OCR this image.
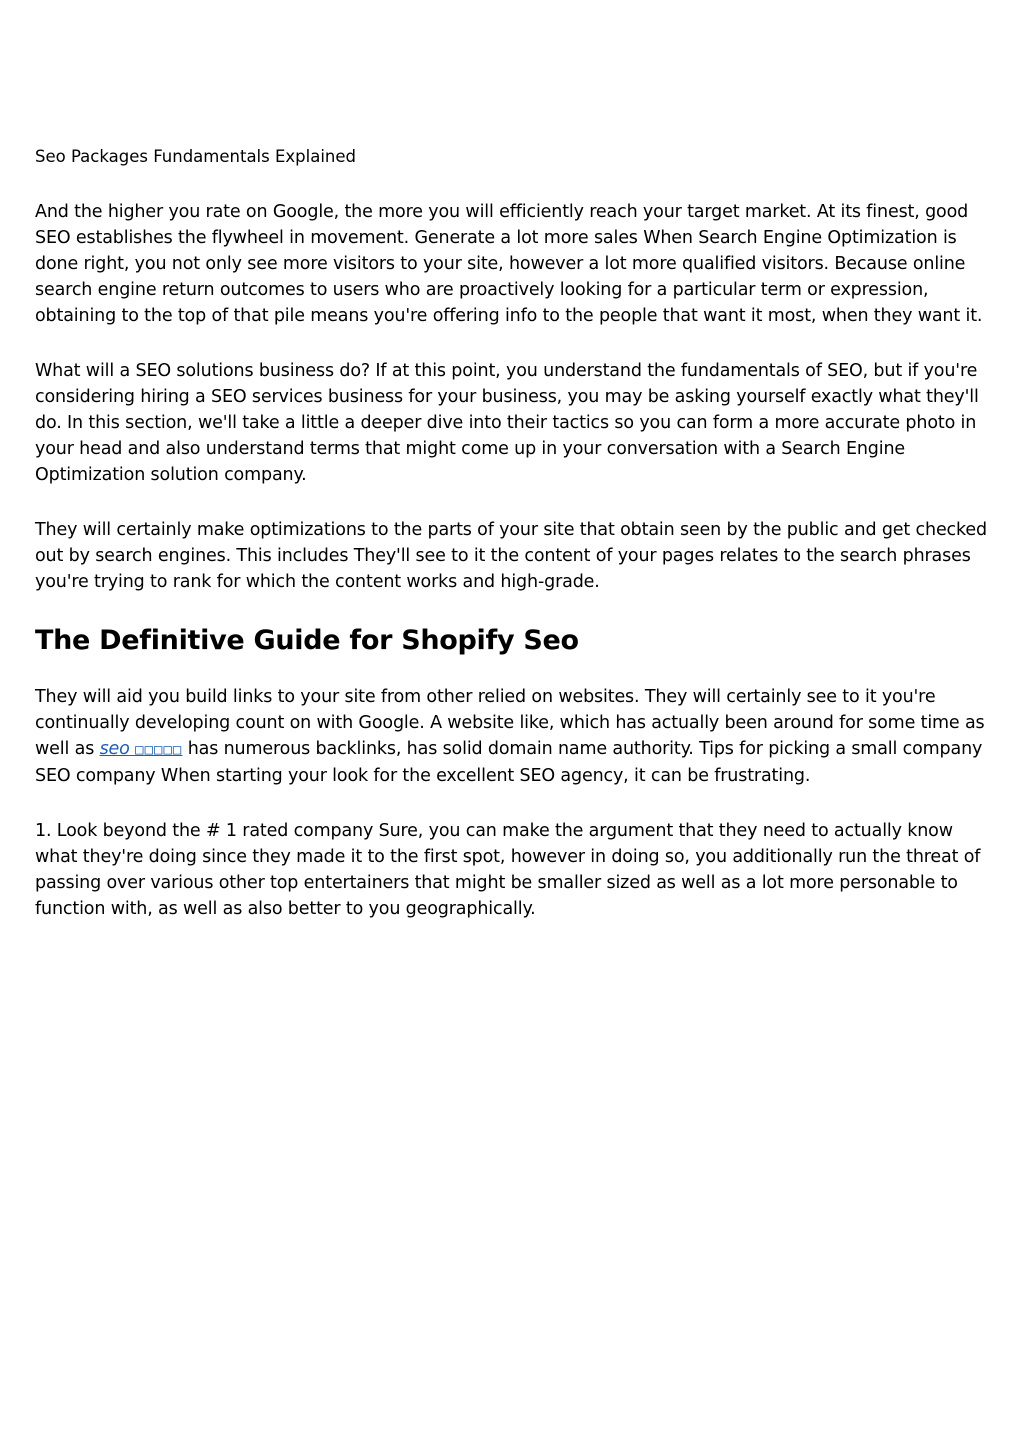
Seo Packages Fundamentals Explained

And the higher you rate on Google, the more you will efficiently reach your target market. At its finest, good SEO establishes the flywheel in movement. Generate a lot more sales When Search Engine Optimization is done right, you not only see more visitors to your site, however a lot more qualified visitors. Because online search engine return outcomes to users who are proactively looking for a particular term or expression, obtaining to the top of that pile means you're offering info to the people that want it most, when they want it.

What will a SEO solutions business do? If at this point, you understand the fundamentals of SEO, but if you're considering hiring a SEO services business for your business, you may be asking yourself exactly what they'll do. In this section, we'll take a little a deeper dive into their tactics so you can form a more accurate photo in your head and also understand terms that might come up in your conversation with a Search Engine Optimization solution company.

They will certainly make optimizations to the parts of your site that obtain seen by the public and get checked out by search engines. This includes They'll see to it the content of your pages relates to the search phrases you're trying to rank for which the content works and high-grade.

The Definitive Guide for Shopify Seo

They will aid you build links to your site from other relied on websites. They will certainly see to it you're continually developing count on with Google. A website like, which has actually been around for some time as well as seo □□□□□ has numerous backlinks, has solid domain name authority. Tips for picking a small company SEO company When starting your look for the excellent SEO agency, it can be frustrating.

1. Look beyond the # 1 rated company Sure, you can make the argument that they need to actually know what they're doing since they made it to the first spot, however in doing so, you additionally run the threat of passing over various other top entertainers that might be smaller sized as well as a lot more personable to function with, as well as also better to you geographically.
